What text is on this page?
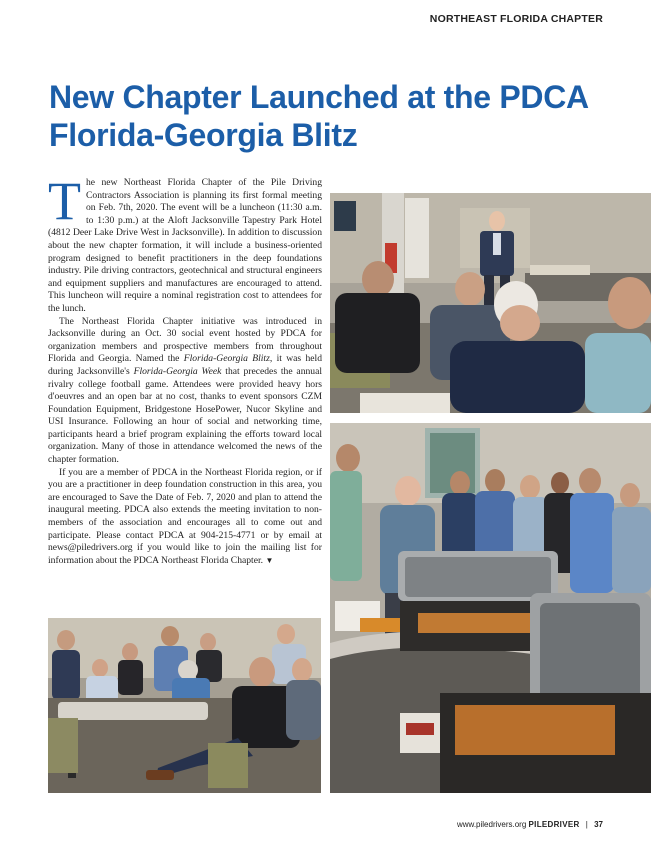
NORTHEAST FLORIDA CHAPTER
New Chapter Launched at the PDCA Florida-Georgia Blitz

The new Northeast Florida Chapter of the Pile Driving Contractors Association is planning its first formal meeting on Feb. 7th, 2020. The event will be a luncheon (11:30 a.m. to 1:30 p.m.) at the Aloft Jacksonville Tapestry Park Hotel (4812 Deer Lake Drive West in Jacksonville). In addition to discussion about the new chapter formation, it will include a business-oriented program designed to benefit practitioners in the deep foundations industry. Pile driving contractors, geotechnical and structural engineers and equipment suppliers and manufactures are encouraged to attend. This luncheon will require a nominal registration cost to attendees for the lunch.

The Northeast Florida Chapter initiative was introduced in Jacksonville during an Oct. 30 social event hosted by PDCA for organization members and prospective members from throughout Florida and Georgia. Named the Florida-Georgia Blitz, it was held during Jacksonville's Florida-Georgia Week that precedes the annual rivalry college football game. Attendees were provided heavy hors d'oeuvres and an open bar at no cost, thanks to event sponsors CZM Foundation Equipment, Bridgestone HosePower, Nucor Skyline and USI Insurance. Following an hour of social and networking time, participants heard a brief program explaining the efforts toward local organization. Many of those in attendance welcomed the news of the chapter formation.

If you are a member of PDCA in the Northeast Florida region, or if you are a practitioner in deep foundation construction in this area, you are encouraged to Save the Date of Feb. 7, 2020 and plan to attend the inaugural meeting. PDCA also extends the meeting invitation to non-members of the association and encourages all to come out and participate. Please contact PDCA at 904-215-4771 or by email at news@piledrivers.org if you would like to join the mailing list for information about the PDCA Northeast Florida Chapter. ▼

www.piledrivers.org PILEDRIVER | 37
